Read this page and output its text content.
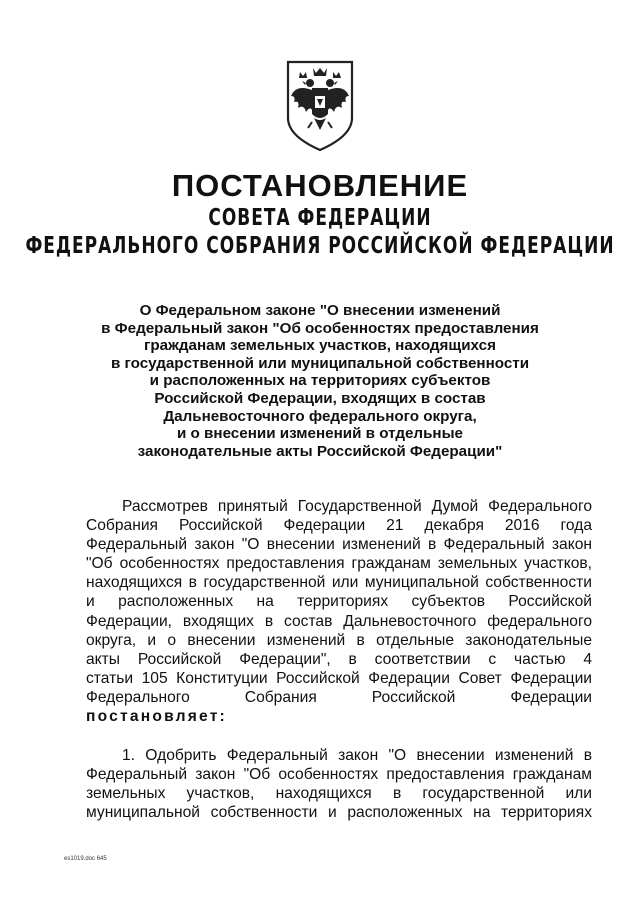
ПОСТАНОВЛЕНИЕ
СОВЕТА ФЕДЕРАЦИИ
ФЕДЕРАЛЬНОГО СОБРАНИЯ РОССИЙСКОЙ ФЕДЕРАЦИИ
О Федеральном законе "О внесении изменений
в Федеральный закон "Об особенностях предоставления
гражданам земельных участков, находящихся
в государственной или муниципальной собственности
и расположенных на территориях субъектов
Российской Федерации, входящих в состав
Дальневосточного федерального округа,
и о внесении изменений в отдельные
законодательные акты Российской Федерации"
Рассмотрев принятый Государственной Думой Федерального
Собрания Российской Федерации 21 декабря 2016 года
Федеральный закон "О внесении изменений в Федеральный закон
"Об особенностях предоставления гражданам земельных участков,
находящихся в государственной или муниципальной собственности
и расположенных на территориях субъектов Российской
Федерации, входящих в состав Дальневосточного федерального
округа, и о внесении изменений в отдельные законодательные
акты Российской Федерации", в соответствии с частью 4
статьи 105 Конституции Российской Федерации Совет Федерации
Федерального Собрания Российской Федерации
постановляет:
1. Одобрить Федеральный закон "О внесении изменений в
Федеральный закон "Об особенностях предоставления гражданам
земельных участков, находящихся в государственной или
муниципальной собственности и расположенных на территориях
es1019.doc 645
